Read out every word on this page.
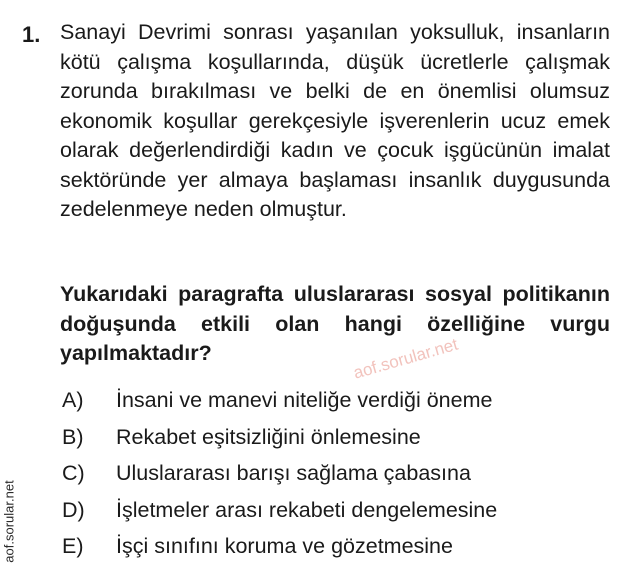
1. Sanayi Devrimi sonrası yaşanılan yoksulluk, insanların kötü çalışma koşullarında, düşük ücretlerle çalışmak zorunda bırakılması ve belki de en önemlisi olumsuz ekonomik koşullar gerekçesiyle işverenlerin ucuz emek olarak değerlendirdiği kadın ve çocuk işgücünün imalat sektöründe yer almaya başlaması insanlık duygusunda zedelenmeye neden olmuştur.
Yukarıdaki paragrafta uluslararası sosyal politikanın doğuşunda etkili olan hangi özelliğine vurgu yapılmaktadır?	aof.sorular.net
A) İnsani ve manevi niteliğe verdiği öneme
B) Rekabet eşitsizliğini önlemesine
C) Uluslararası barışı sağlama çabasına
D) İşletmeler arası rekabeti dengelemesine
E) İşçi sınıfını koruma ve gözetmesine
aof.sorular.net
